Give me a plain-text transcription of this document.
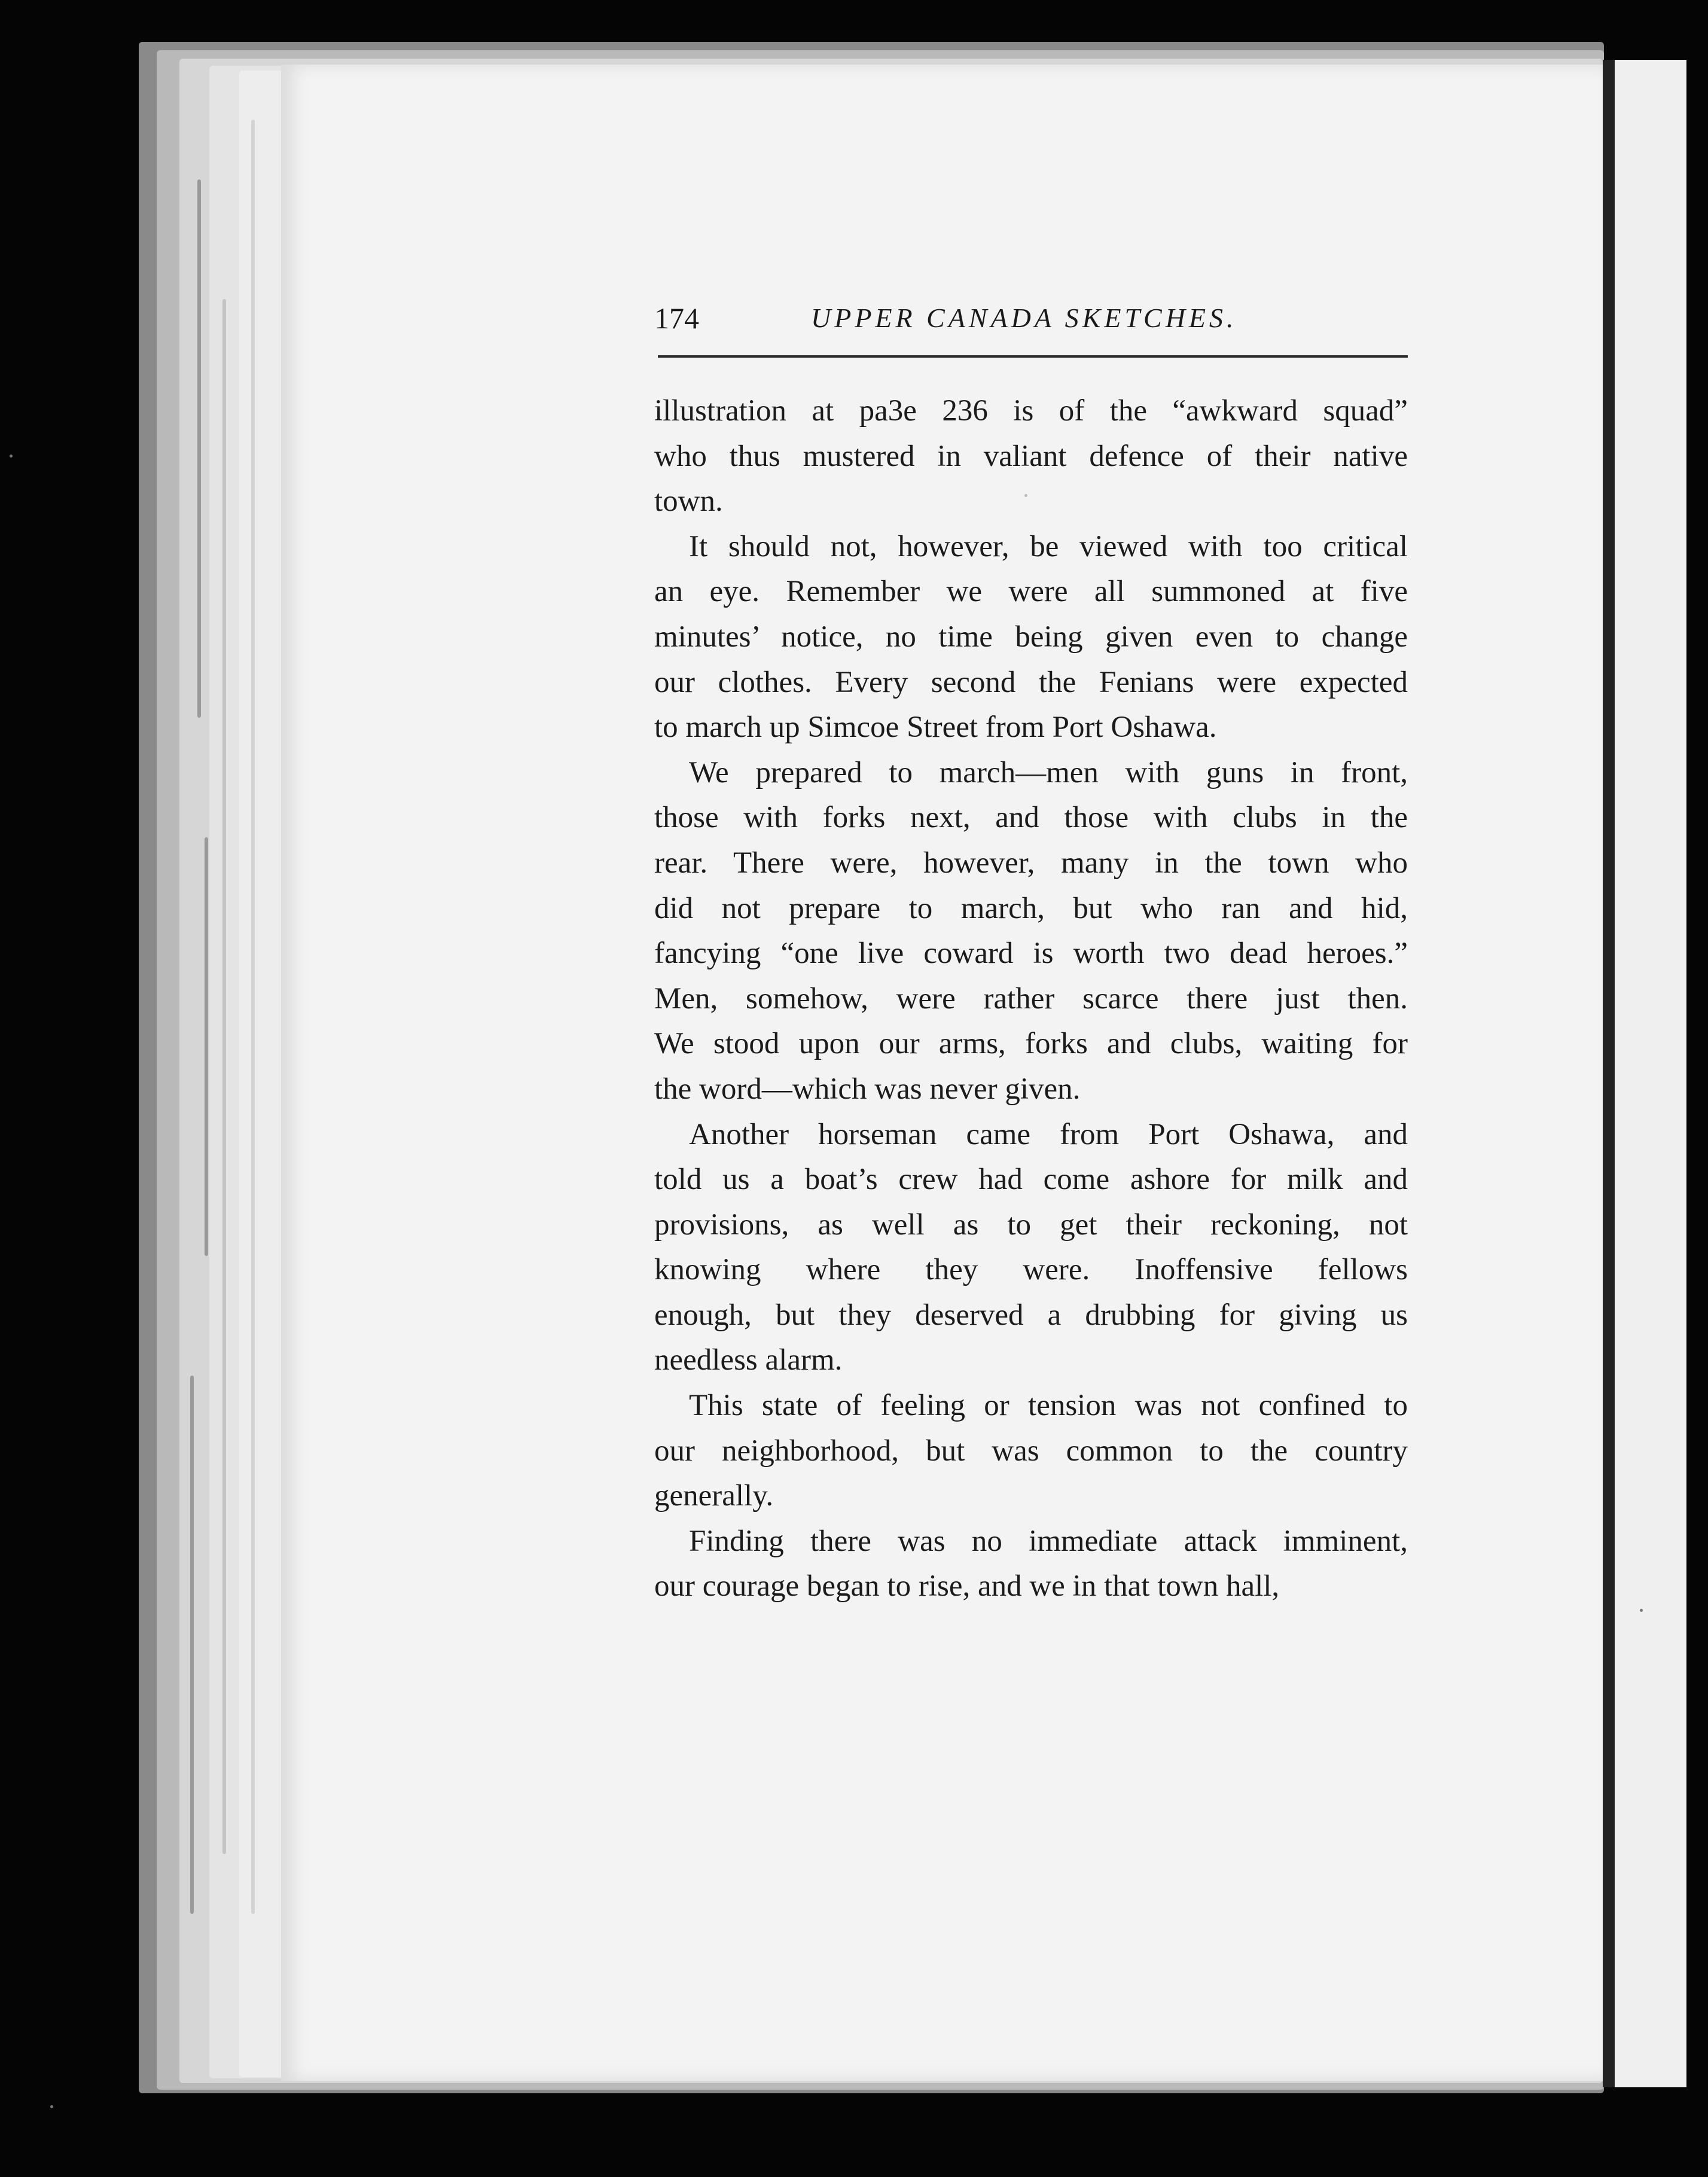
174	UPPER CANADA SKETCHES.
illustration at pa3e 236 is of the “awkward squad”
who thus mustered in valiant defence of their native
town.
It should not, however, be viewed with too critical
an eye. Remember we were all summoned at five
minutes’ notice, no time being given even to change
our clothes. Every second the Fenians were expected
to march up Simcoe Street from Port Oshawa.
We prepared to march—men with guns in front,
those with forks next, and those with clubs in the
rear. There were, however, many in the town who
did not prepare to march, but who ran and hid,
fancying “one live coward is worth two dead heroes.”
Men, somehow, were rather scarce there just then.
We stood upon our arms, forks and clubs, waiting for
the word—which was never given.
Another horseman came from Port Oshawa, and
told us a boat’s crew had come ashore for milk and
provisions, as well as to get their reckoning, not
knowing where they were. Inoffensive fellows
enough, but they deserved a drubbing for giving us
needless alarm.
This state of feeling or tension was not confined to
our neighborhood, but was common to the country
generally.
Finding there was no immediate attack imminent,
our courage began to rise, and we in that town hall,
